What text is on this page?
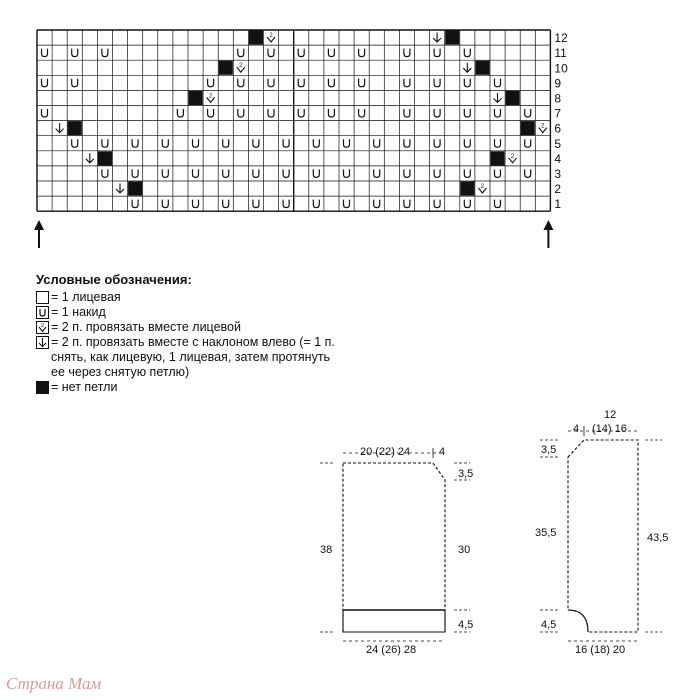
12
2
11
10
2
9
8
2
7
6
2
5
4
2
3
2
2
1
Условные обозначения:
= 1 лицевая
= 1 накид
2 = 2 п. провязать вместе лицевой
= 2 п. провязать вместе с наклоном влево (= 1 п. снять, как лицевую, 1 лицевая, затем протянуть ее через снятую петлю)
= нет петли
20 (22) 24	4
38	30
3,5
4,5
24 (26) 28
12
4 (14) 16
3,5
35,5
4,5
43,5
16 (18) 20
Страна Мам
